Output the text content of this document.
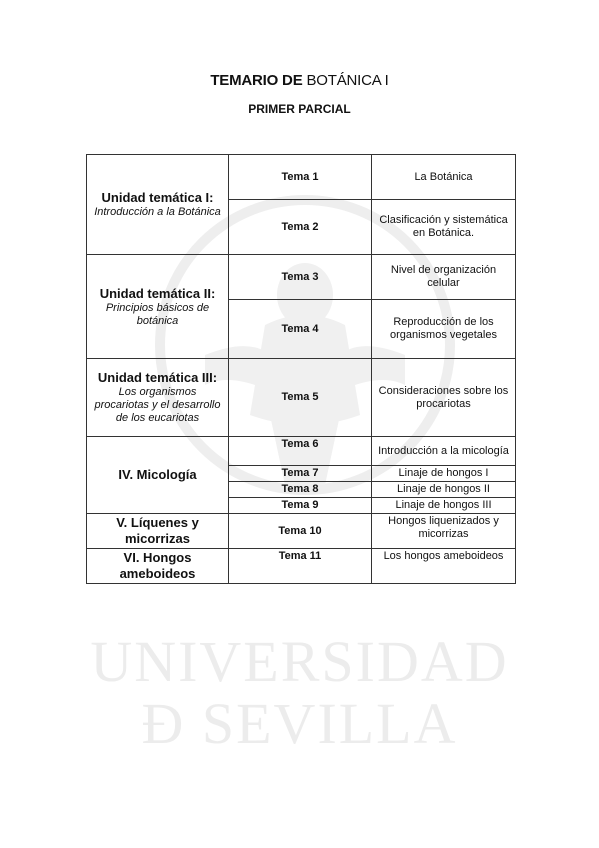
UNIVERSIDAD
Ɖ SEVILLA
TEMARIO DE BOTÁNICA I
PRIMER PARCIAL
Unidad temática I:
Introducción a la Botánica	Tema 1	La Botánica
	Tema 2	Clasificación y sistemática en Botánica.

Unidad temática II:
Principios básicos de botánica	Tema 3	Nivel de organización celular
	Tema 4	Reproducción de los organismos vegetales

Unidad temática III:
Los organismos procariotas y el desarrollo de los eucariotas	Tema 5	Consideraciones sobre los procariotas

IV. Micología	Tema 6	Introducción a la micología
	Tema 7	Linaje de hongos I
	Tema 8	Linaje de hongos II
	Tema 9	Linaje de hongos III

V. Líquenes y micorrizas	Tema 10	Hongos liquenizados y micorrizas

VI. Hongos ameboideos	Tema 11	Los hongos ameboideos
